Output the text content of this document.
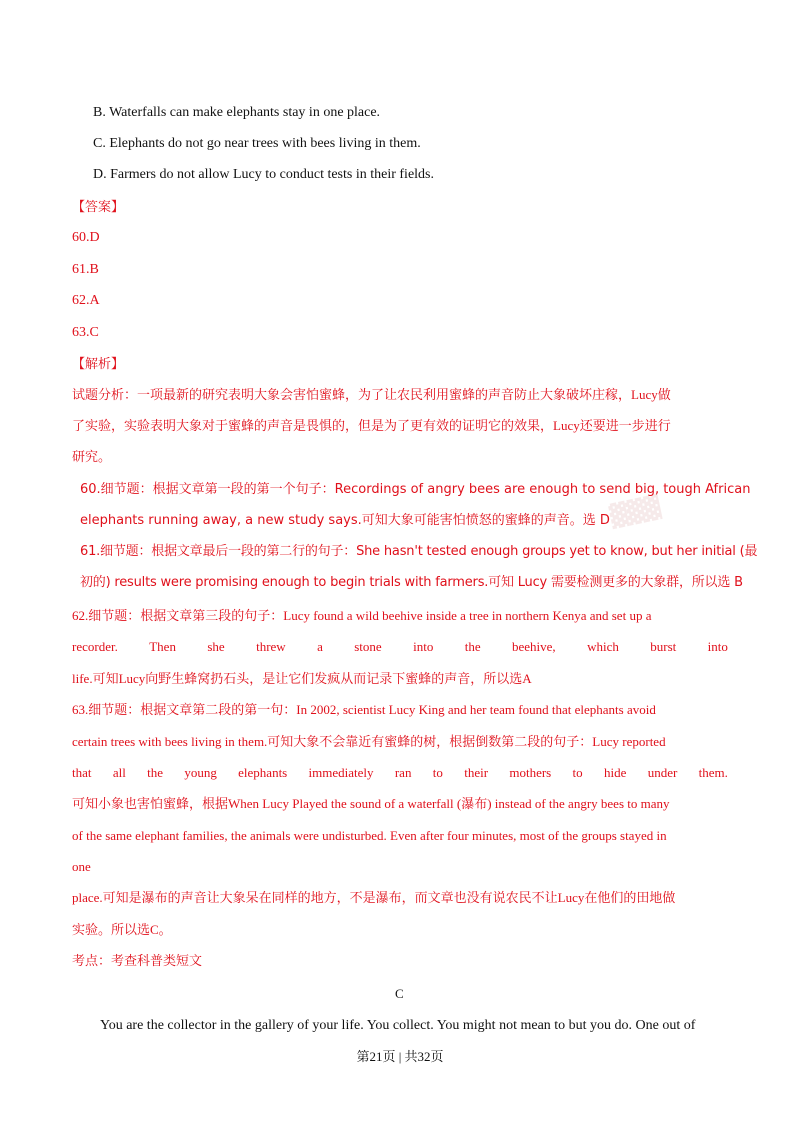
▓▓▓
B. Waterfalls can make elephants stay in one place.
C. Elephants do not go near trees with bees living in them.
D. Farmers do not allow Lucy to conduct tests in their fields.
【答案】
60.D
61.B
62.A
63.C
【解析】
试题分析：一项最新的研究表明大象会害怕蜜蜂，为了让农民利用蜜蜂的声音防止大象破坏庄稼，Lucy做
了实验，实验表明大象对于蜜蜂的声音是畏惧的，但是为了更有效的证明它的效果，Lucy还要进一步进行
研究。
60.细节题：根据文章第一段的第一个句子：Recordings of angry bees are enough to send big, tough African
elephants running away, a new study says.可知大象可能害怕愤怒的蜜蜂的声音。选 D
61.细节题：根据文章最后一段的第二行的句子：She hasn't tested enough groups yet to know, but her initial (最
初的) results were promising enough to begin trials with farmers.可知 Lucy 需要检测更多的大象群，所以选 B
62.细节题：根据文章第三段的句子：Lucy found a wild beehive inside a tree in northern Kenya and set up a
recorder. Then she threw a stone into the beehive, which burst into
life.可知Lucy向野生蜂窝扔石头，是让它们发疯从而记录下蜜蜂的声音，所以选A
63.细节题：根据文章第二段的第一句：In 2002, scientist Lucy King and her team found that elephants avoid
certain trees with bees living in them.可知大象不会靠近有蜜蜂的树，根据倒数第二段的句子：Lucy reported
that all the young elephants immediately ran to their mothers to hide under them.
可知小象也害怕蜜蜂，根据When Lucy Played the sound of a waterfall (瀑布) instead of the angry bees to many
of the same elephant families, the animals were undisturbed. Even after four minutes, most of the groups stayed in
one
place.可知是瀑布的声音让大象呆在同样的地方，不是瀑布，而文章也没有说农民不让Lucy在他们的田地做
实验。所以选C。
考点：考查科普类短文
C
You are the collector in the gallery of your life. You collect. You might not mean to but you do. One out of
第21页 | 共32页
